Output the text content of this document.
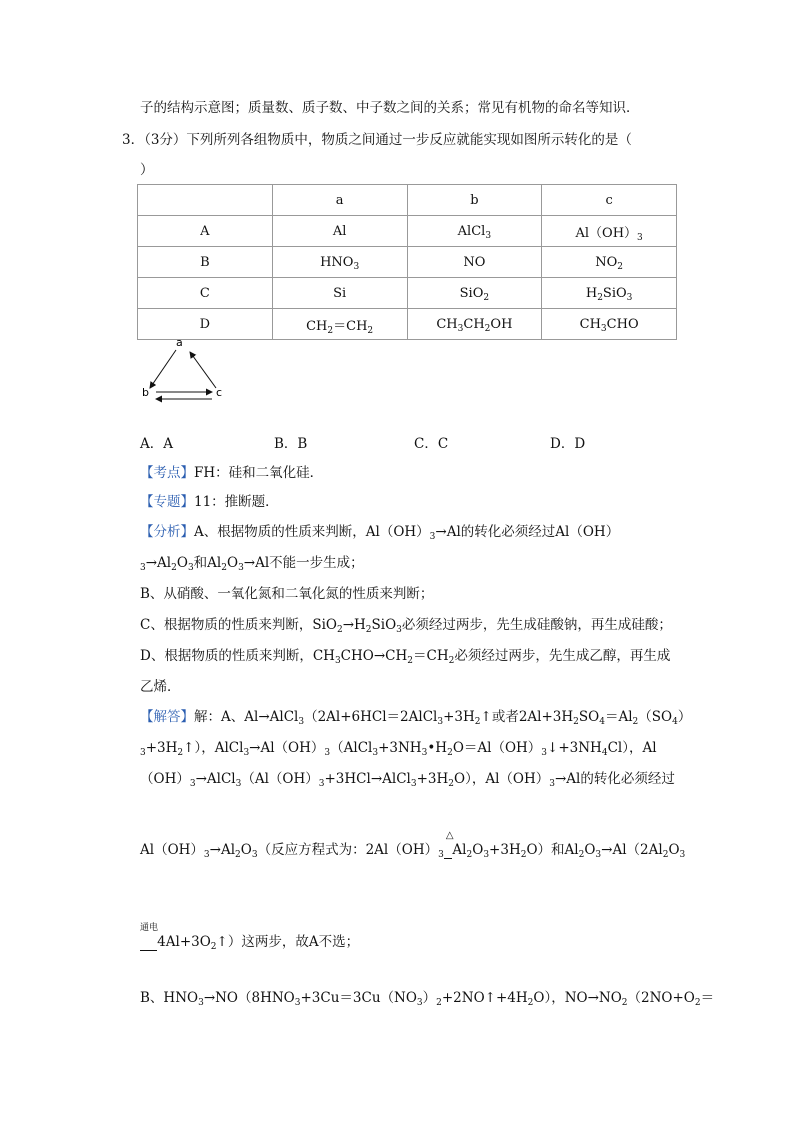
子的结构示意图；质量数、质子数、中子数之间的关系；常见有机物的命名等知识．
3．（3分）下列所列各组物质中，物质之间通过一步反应就能实现如图所示转化的是（
）
	a	b	c
A	Al	AlCl$_3$	$Al(OH)_3$
B	$HNO_3$	NO	$NO_2$
C	Si	SiO$_2$	$H_2SiO_3$
D	$CH_2=CH_2$	$CH_3CH_2OH$	$CH_3CHO$
a
b	c
A．A	B．B	C．C	D．D
【考点】FH：硅和二氧化硅．
【专题】11：推断题．
【分析】A、根据物质的性质来判断，$Al(OH)_3\to Al$的转化必须经过Al（OH）
$_3\to Al_2O_3$和$Al_2O_3\to Al$不能一步生成；
B、从硝酸、一氧化氮和二氧化氮的性质来判断；
C、根据物质的性质来判断，$SiO_2\to H_2SiO_3$必须经过两步，先生成硅酸钠，再生成硅酸；
D、根据物质的性质来判断，$CH_3CHO\to CH_2=CH_2$必须经过两步，先生成乙醇，再生成
乙烯．
【解答】解：A、$Al\to AlCl_3(2Al+6HCl=2AlCl_3+3H_2↑$或者$2Al+3H_2SO_4=Al_2(SO_4)$
$_3+3H_2↑$），$AlCl_3\to Al(OH)_3(AlCl_3+3NH_3•H_2O=Al(OH)_3↓+3NH_4Cl)$，Al
$(OH)_3\to AlCl_3(Al(OH)_3+3HCl\to AlCl_3+3H_2O)$，$Al(OH)_3\to Al$的转化必须经过
$Al(OH)_3\to Al_2O_3$（反应方程式为：$2Al(OH)_3$
△
$Al_2O_3+3H_2O$）和$Al_2O_3\to Al(2Al_2O_3$
通电
$4Al+3O_2↑$）这两步，故A不选；
B、$HNO_3\to NO(8HNO_3+3Cu=3Cu(NO_3)_2+2NO↑+4H_2O)$，$NO\to NO_2(2NO+O_2=$
